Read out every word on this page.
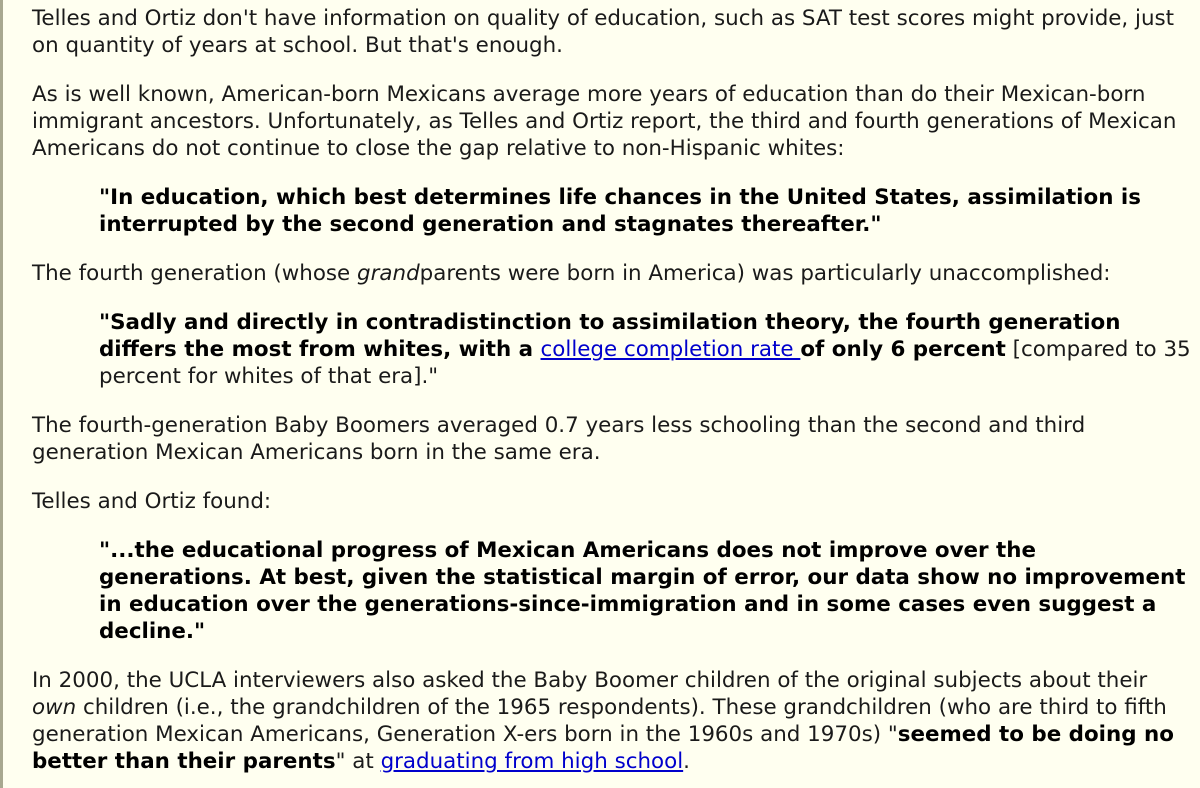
Telles and Ortiz don't have information on quality of education, such as SAT test scores might provide, just on quantity of years at school. But that's enough.

As is well known, American-born Mexicans average more years of education than do their Mexican-born immigrant ancestors. Unfortunately, as Telles and Ortiz report, the third and fourth generations of Mexican Americans do not continue to close the gap relative to non-Hispanic whites:

"In education, which best determines life chances in the United States, assimilation is interrupted by the second generation and stagnates thereafter."

The fourth generation (whose grandparents were born in America) was particularly unaccomplished:

"Sadly and directly in contradistinction to assimilation theory, the fourth generation differs the most from whites, with a college completion rate of only 6 percent [compared to 35 percent for whites of that era]."

The fourth-generation Baby Boomers averaged 0.7 years less schooling than the second and third generation Mexican Americans born in the same era.

Telles and Ortiz found:

"...the educational progress of Mexican Americans does not improve over the generations. At best, given the statistical margin of error, our data show no improvement in education over the generations-since-immigration and in some cases even suggest a decline."

In 2000, the UCLA interviewers also asked the Baby Boomer children of the original subjects about their own children (i.e., the grandchildren of the 1965 respondents). These grandchildren (who are third to fifth generation Mexican Americans, Generation X-ers born in the 1960s and 1970s) "seemed to be doing no better than their parents" at graduating from high school.
